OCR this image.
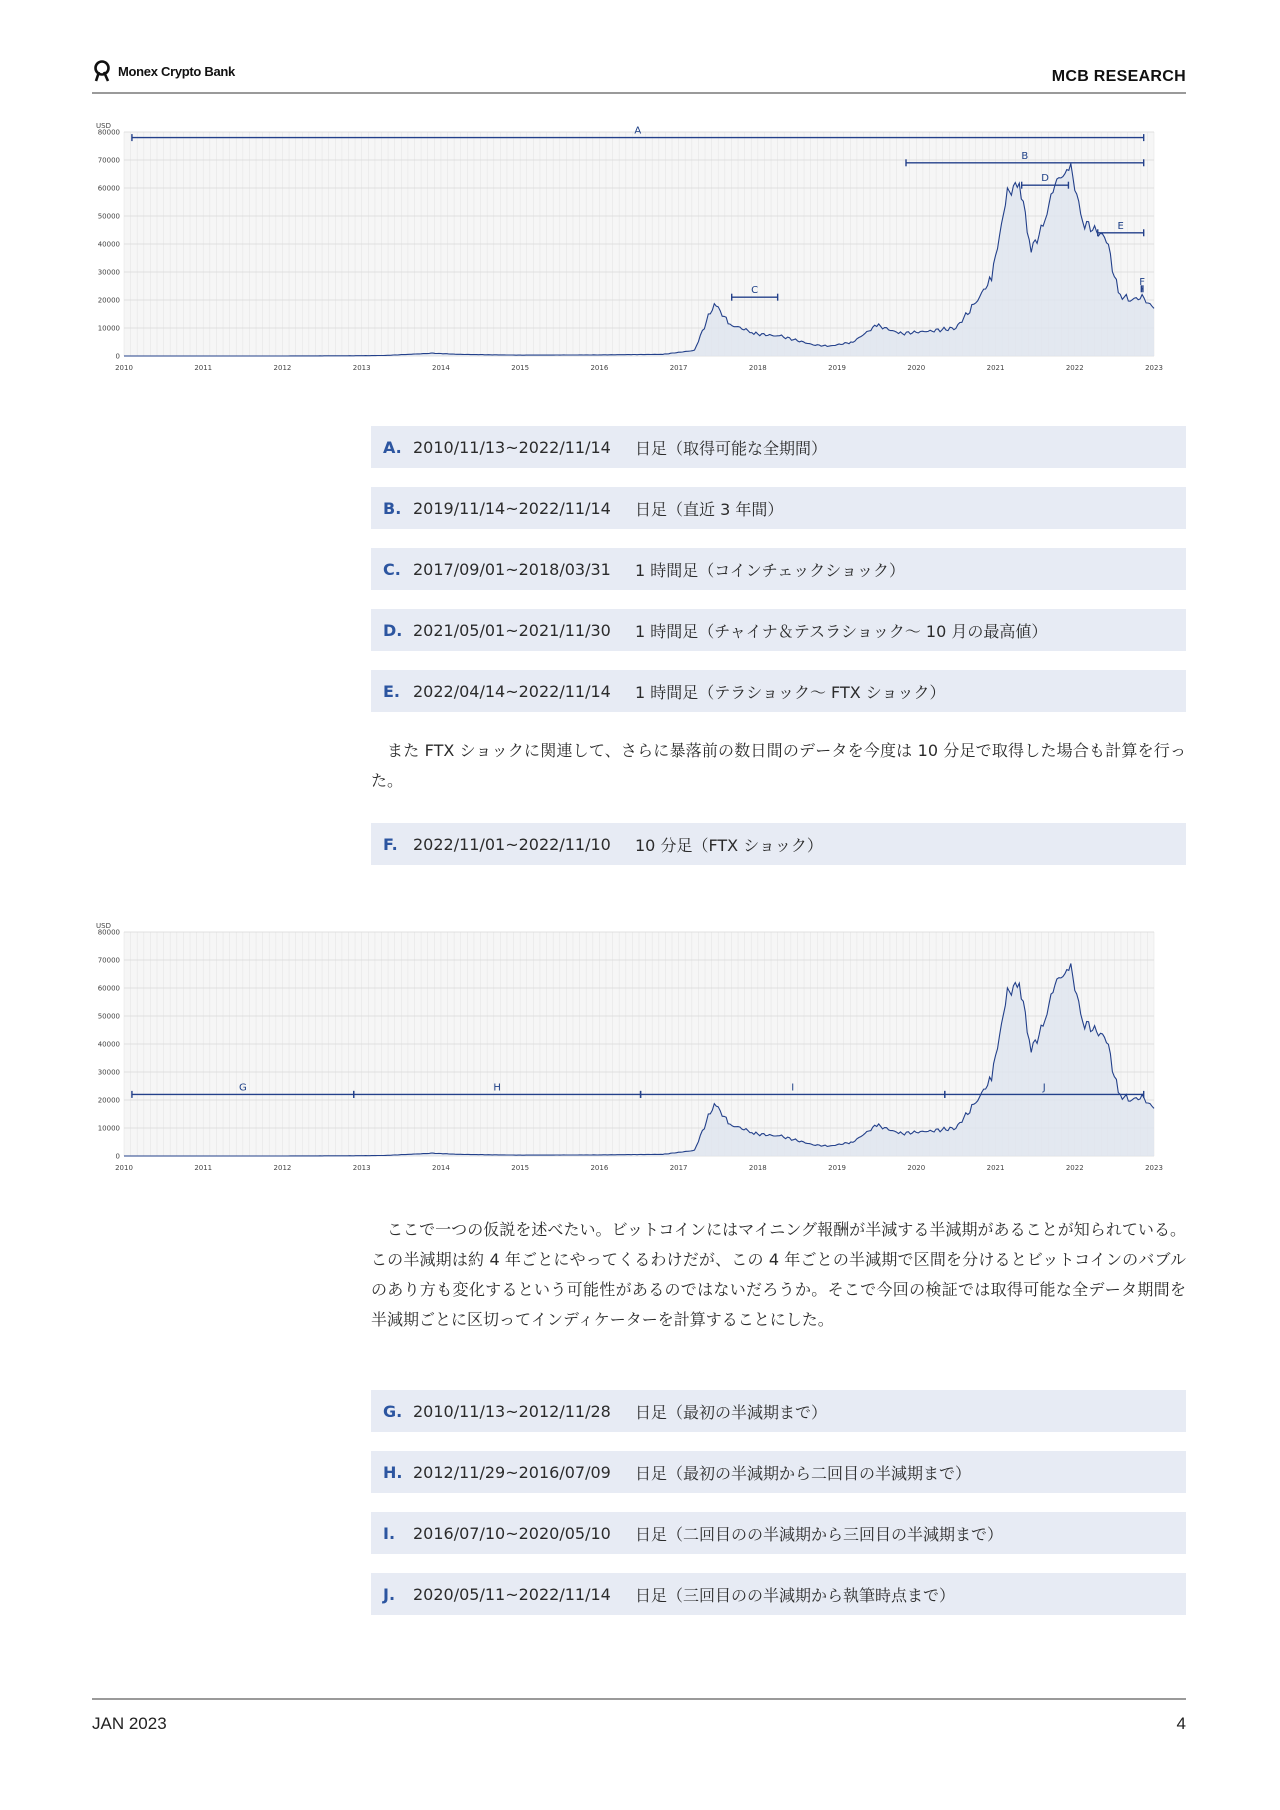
Monex Crypto Bank	MCB RESEARCH
USD
80000
70000
60000
50000
40000
30000
20000
10000
0
2010	2011	2012	2013	2014	2015	2016	2017	2018	2019	2020	2021	2022	2023
A
B
C
D
E
F
A. 2010/11/13~2022/11/14	日足（取得可能な全期間）
B. 2019/11/14~2022/11/14	日足（直近 3 年間）
C. 2017/09/01~2018/03/31	1 時間足（コインチェックショック）
D. 2021/05/01~2021/11/30	1 時間足（チャイナ＆テスラショック～ 10 月の最高値）
E. 2022/04/14~2022/11/14	1 時間足（テラショック～ FTX ショック）
また FTX ショックに関連して、さらに暴落前の数日間のデータを今度は 10 分足で取得した場合も計算を行った。
F. 2022/11/01~2022/11/10	10 分足（FTX ショック）
USD
80000
70000
60000
50000
40000
30000
20000
10000
0
2010	2011	2012	2013	2014	2015	2016	2017	2018	2019	2020	2021	2022	2023
G	H	I	J
ここで一つの仮説を述べたい。ビットコインにはマイニング報酬が半減する半減期があることが知られている。この半減期は約 4 年ごとにやってくるわけだが、この 4 年ごとの半減期で区間を分けるとビットコインのバブルのあり方も変化するという可能性があるのではないだろうか。そこで今回の検証では取得可能な全データ期間を半減期ごとに区切ってインディケーターを計算することにした。
G. 2010/11/13~2012/11/28	日足（最初の半減期まで）
H. 2012/11/29~2016/07/09	日足（最初の半減期から二回目の半減期まで）
I.	2016/07/10~2020/05/10	日足（二回目のの半減期から三回目の半減期まで）
J.	2020/05/11~2022/11/14	日足（三回目のの半減期から執筆時点まで）
JAN 2023	4
